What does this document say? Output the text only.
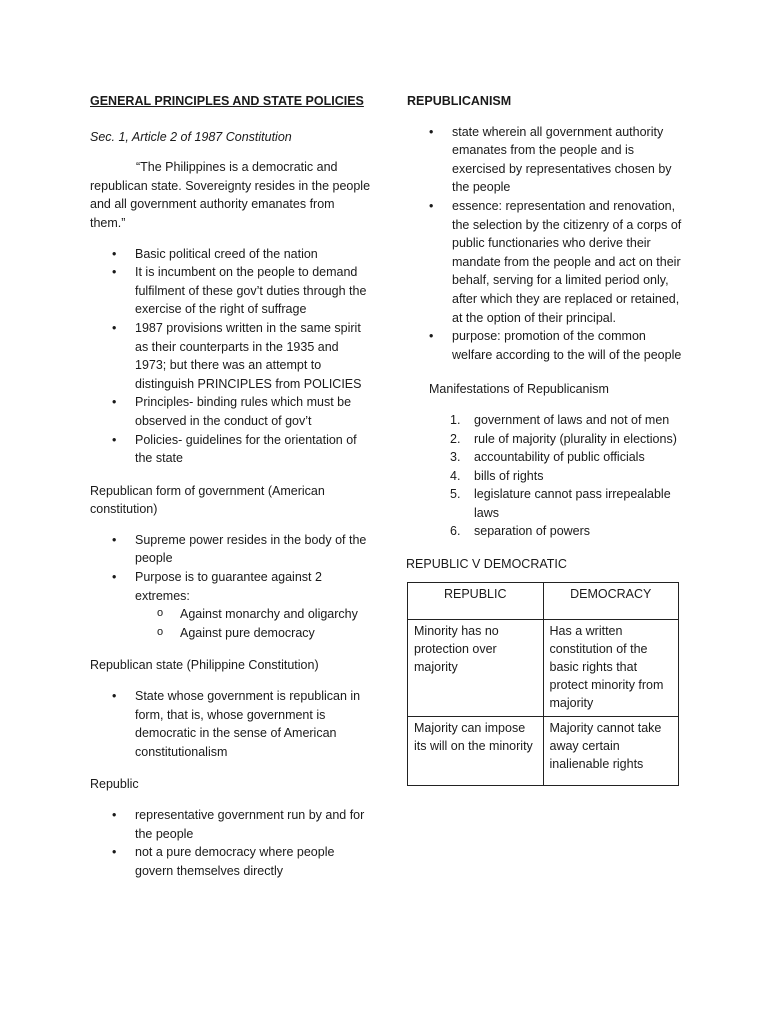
GENERAL PRINCIPLES AND STATE POLICIES

Sec. 1, Article 2 of 1987 Constitution

“The Philippines is a democratic and republican state. Sovereignty resides in the people and all government authority emanates from them.”

• Basic political creed of the nation
• It is incumbent on the people to demand fulfilment of these gov’t duties through the exercise of the right of suffrage
• 1987 provisions written in the same spirit as their counterparts in the 1935 and 1973; but there was an attempt to distinguish PRINCIPLES from POLICIES
• Principles- binding rules which must be observed in the conduct of gov’t
• Policies- guidelines for the orientation of the state

Republican form of government (American constitution)

• Supreme power resides in the body of the people
• Purpose is to guarantee against 2 extremes:
o Against monarchy and oligarchy
o Against pure democracy

Republican state (Philippine Constitution)

• State whose government is republican in form, that is, whose government is democratic in the sense of American constitutionalism

Republic

• representative government run by and for the people
• not a pure democracy where people govern themselves directly

REPUBLICANISM

• state wherein all government authority emanates from the people and is exercised by representatives chosen by the people
• essence: representation and renovation, the selection by the citizenry of a corps of public functionaries who derive their mandate from the people and act on their behalf, serving for a limited period only, after which they are replaced or retained, at the option of their principal.
• purpose: promotion of the common welfare according to the will of the people

Manifestations of Republicanism

1. government of laws and not of men
2. rule of majority (plurality in elections)
3. accountability of public officials
4. bills of rights
5. legislature cannot pass irrepealable laws
6. separation of powers

REPUBLIC V DEMOCRATIC

REPUBLIC	DEMOCRACY
Minority has no protection over majority	Has a written constitution of the basic rights that protect minority from majority
Majority can impose its will on the minority	Majority cannot take away certain inalienable rights
